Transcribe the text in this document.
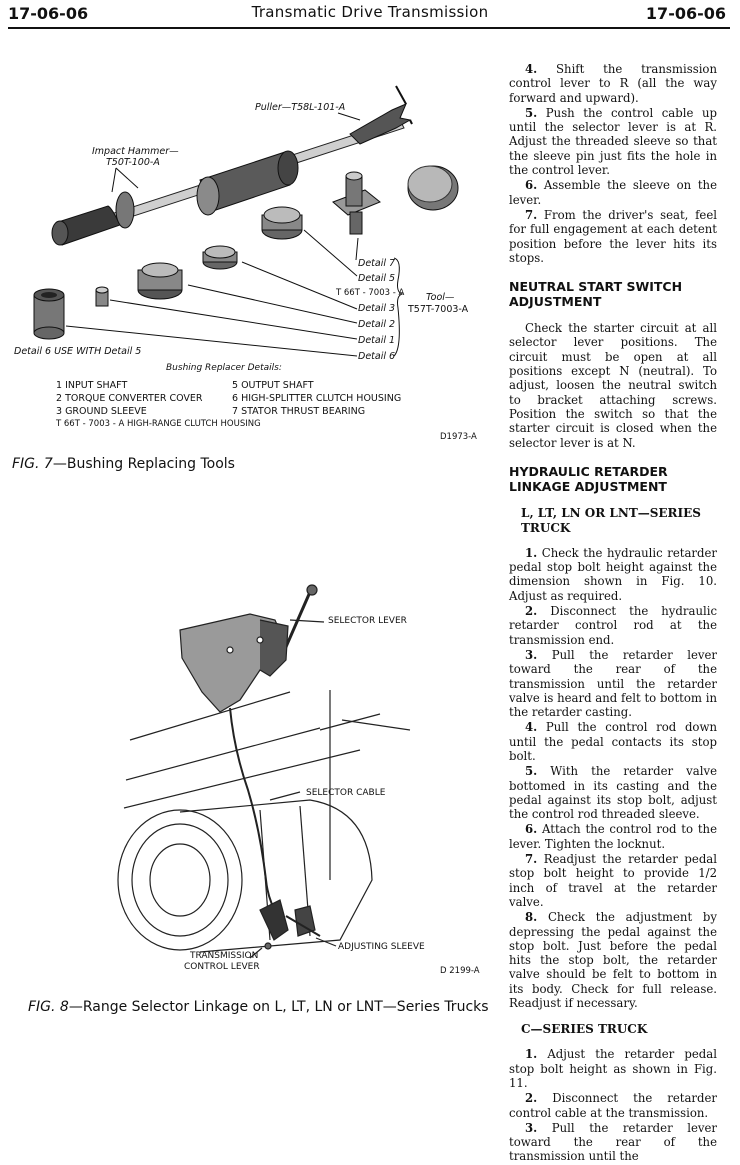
17-06-06	Transmatic Drive Transmission	17-06-06
Puller—T58L-101-A
Impact Hammer—
T50T-100-A
Detail 7
Detail 5
T 66T - 7003 - A
Detail 3
Detail 2
Detail 1
Detail 6
Tool—
T57T-7003-A
Detail 6 USE WITH Detail 5
Bushing Replacer Details:
1 INPUT SHAFT
2 TORQUE CONVERTER COVER
3 GROUND SLEEVE
5 OUTPUT SHAFT
6 HIGH-SPLITTER CLUTCH HOUSING
7 STATOR THRUST BEARING
T 66T - 7003 - A HIGH-RANGE CLUTCH HOUSING
D1973-A
FIG. 7—Bushing Replacing Tools
SELECTOR LEVER
SELECTOR CABLE
ADJUSTING SLEEVE
TRANSMISSION
CONTROL LEVER	D 2199-A
FIG. 8—Range Selector Linkage on L, LT, LN or LNT—Series Trucks

4. Shift the transmission control lever to R (all the way forward and upward).

5. Push the control cable up until the selector lever is at R. Adjust the threaded sleeve so that the sleeve pin just fits the hole in the control lever.

6. Assemble the sleeve on the lever.

7. From the driver's seat, feel for full engagement at each detent position before the lever hits its stops.

NEUTRAL START SWITCH ADJUSTMENT

Check the starter circuit at all selector lever positions. The circuit must be open at all positions except N (neutral). To adjust, loosen the neutral switch to bracket attaching screws. Position the switch so that the starter circuit is closed when the selector lever is at N.

HYDRAULIC RETARDER LINKAGE ADJUSTMENT

L, LT, LN OR LNT—SERIES TRUCK

1. Check the hydraulic retarder pedal stop bolt height against the dimension shown in Fig. 10. Adjust as required.

2. Disconnect the hydraulic retarder control rod at the transmission end.

3. Pull the retarder lever toward the rear of the transmission until the retarder valve is heard and felt to bottom in the retarder casting.

4. Pull the control rod down until the pedal contacts its stop bolt.

5. With the retarder valve bottomed in its casting and the pedal against its stop bolt, adjust the control rod threaded sleeve.

6. Attach the control rod to the lever. Tighten the locknut.

7. Readjust the retarder pedal stop bolt height to provide 1/2 inch of travel at the retarder valve.

8. Check the adjustment by depressing the pedal against the stop bolt. Just before the pedal hits the stop bolt, the retarder valve should be felt to bottom in its body. Check for full release. Readjust if necessary.

C—SERIES TRUCK

1. Adjust the retarder pedal stop bolt height as shown in Fig. 11.

2. Disconnect the retarder control cable at the transmission.

3. Pull the retarder lever toward the rear of the transmission until the
